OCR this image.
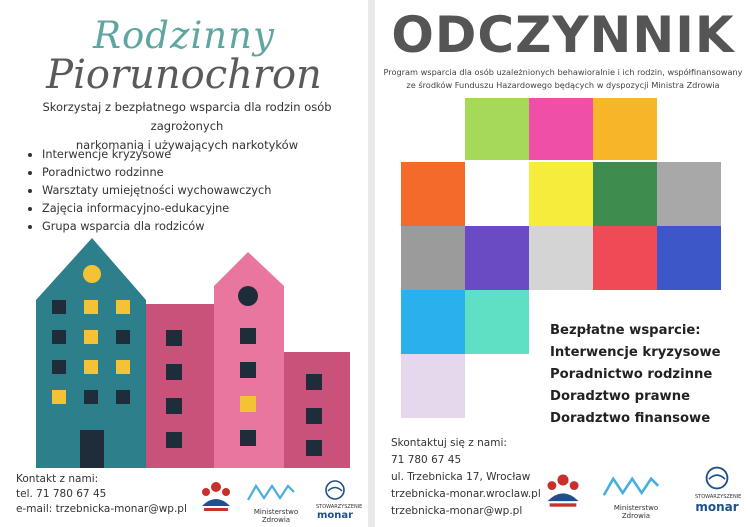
Rodzinny
Piorunochron
Skorzystaj z bezpłatnego wsparcia dla rodzin osób zagrożonych
narkomanią i używających narkotyków
Interwencje kryzysowe
Poradnictwo rodzinne
Warsztaty umiejętności wychowawczych
Zajęcia informacyjno-edukacyjne
Grupa wsparcia dla rodziców
Kontakt z nami:
tel. 71 780 67 45
e-mail: trzebnicka-monar@wp.pl	Ministerstwo Zdrowia
STOWARZYSZENIE
monar
ODCZYNNIK
Program wsparcia dla osób uzależnionych behawioralnie i ich rodzin, współfinansowany
ze środków Funduszu Hazardowego będących w dyspozycji Ministra Zdrowia
Bezpłatne wsparcie:
Interwencje kryzysowe
Poradnictwo rodzinne
Doradztwo prawne
Doradztwo finansowe
Skontaktuj się z nami:
71 780 67 45
ul. Trzebnicka 17, Wrocław
trzebnicka-monar.wroclaw.pl
trzebnicka-monar@wp.pl	Ministerstwo Zdrowia
STOWARZYSZENIE
monar
